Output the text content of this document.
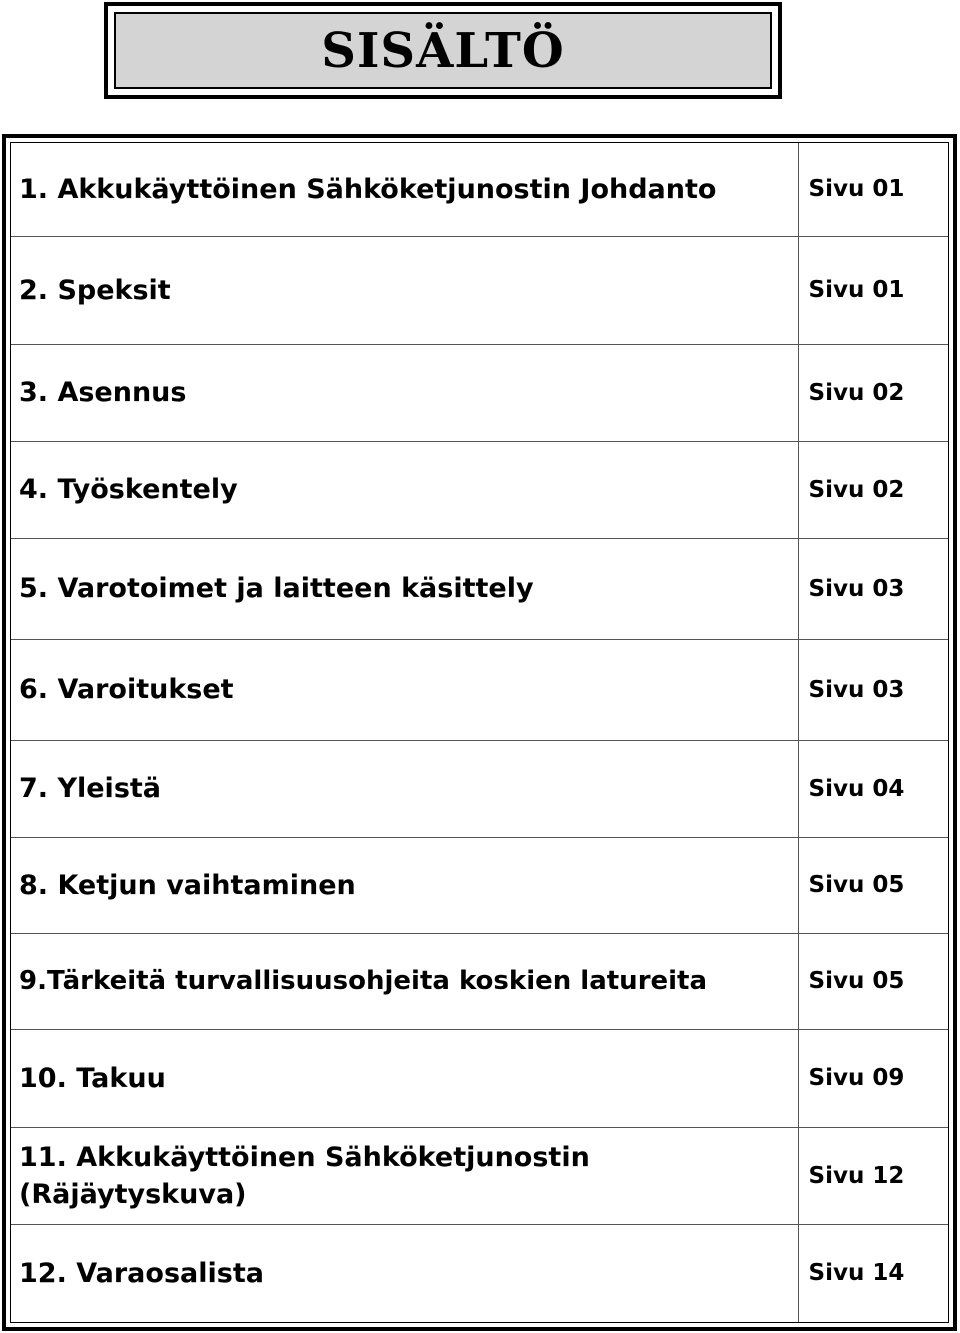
SISÄLTÖ
1. Akkukäyttöinen Sähköketjunostin Johdanto	Sivu 01
2. Speksit	Sivu 01
3. Asennus	Sivu 02
4. Työskentely	Sivu 02
5. Varotoimet ja laitteen käsittely	Sivu 03
6. Varoitukset	Sivu 03
7. Yleistä	Sivu 04
8. Ketjun vaihtaminen	Sivu 05
9.Tärkeitä turvallisuusohjeita koskien latureita	Sivu 05
10. Takuu	Sivu 09
11. Akkukäyttöinen Sähköketjunostin (Räjäytyskuva)	Sivu 12
12. Varaosalista	Sivu 14
